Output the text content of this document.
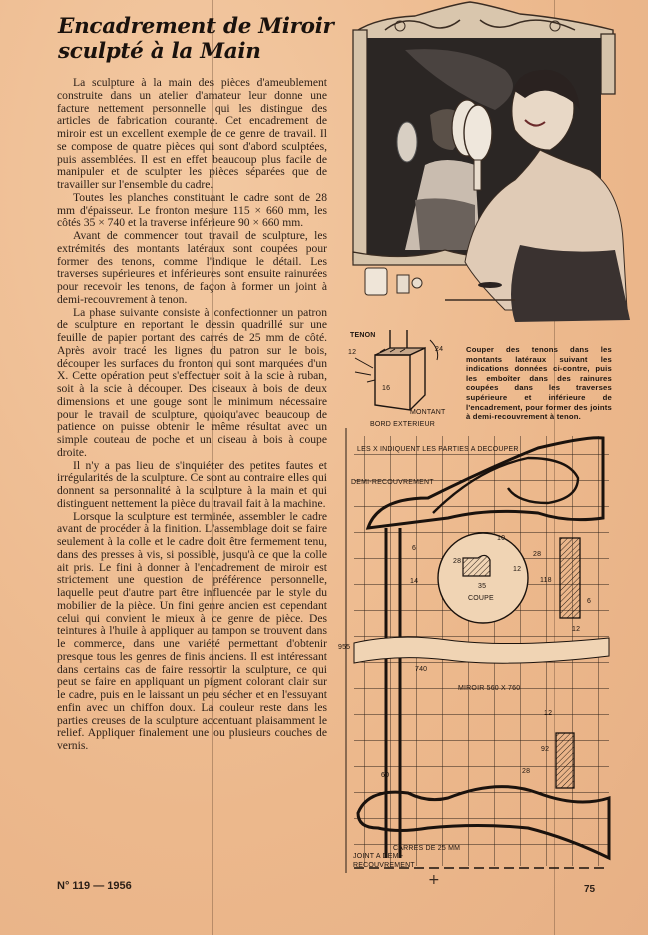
Encadrement de Miroir sculpté à la Main

La sculpture à la main des pièces d'ameublement construite dans un atelier d'amateur leur donne une facture nettement personnelle qui les distingue des articles de fabrication courante. Cet encadrement de miroir est un excellent exemple de ce genre de travail. Il se compose de quatre pièces qui sont d'abord sculptées, puis assemblées. Il est en effet beaucoup plus facile de manipuler et de sculpter les pièces séparées que de travailler sur l'ensemble du cadre.

Toutes les planches constituant le cadre sont de 28 mm d'épaisseur. Le fronton mesure 115 × 660 mm, les côtés 35 × 740 et la traverse inférieure 90 × 660 mm.

Avant de commencer tout travail de sculpture, les extrémités des montants latéraux sont coupées pour former des tenons, comme l'indique le détail. Les traverses supérieures et inférieures sont ensuite rainurées pour recevoir les tenons, de façon à former un joint à demi-recouvrement à tenon.

La phase suivante consiste à confectionner un patron de sculpture en reportant le dessin quadrillé sur une feuille de papier portant des carrés de 25 mm de côté. Après avoir tracé les lignes du patron sur le bois, découper les surfaces du fronton qui sont marquées d'un X. Cette opération peut s'effectuer soit à la scie à ruban, soit à la scie à découper. Des ciseaux à bois de deux dimensions et une gouge sont le minimum nécessaire pour le travail de sculpture, quoiqu'avec beaucoup de patience on puisse obtenir le même résultat avec un simple couteau de poche et un ciseau à bois à coupe droite.

Il n'y a pas lieu de s'inquiéter des petites fautes et irrégularités de la sculpture. Ce sont au contraire elles qui donnent sa personnalité à la sculpture à la main et qui distinguent nettement la pièce du travail fait à la machine.

Lorsque la sculpture est terminée, assembler le cadre avant de procéder à la finition. L'assemblage doit se faire seulement à la colle et le cadre doit être fermement tenu, dans des presses à vis, si possible, jusqu'à ce que la colle ait pris. Le fini à donner à l'encadrement de miroir est strictement une question de préférence personnelle, laquelle peut d'autre part être influencée par le style du mobilier de la pièce. Un fini genre ancien est cependant celui qui convient le mieux à ce genre de pièce. Des teintures à l'huile à appliquer au tampon se trouvent dans le commerce, dans une variété permettant d'obtenir presque tous les genres de finis anciens. Il est intéressant dans certains cas de faire ressortir la sculpture, ce qui peut se faire en appliquant un pigment colorant clair sur le cadre, puis en le laissant un peu sécher et en l'essuyant enfin avec un chiffon doux. La couleur reste dans les parties creuses de la sculpture accentuant plaisamment le relief. Appliquer finalement une ou plusieurs couches de vernis.

TENON
12	24
16
MONTANT
BORD EXTERIEUR
Couper des tenons dans les montants latéraux suivant les indications données ci-contre, puis les emboîter dans des rainures coupées dans les traverses supérieure et inférieure de l'encadrement, pour former des joints à demi-recouvrement à tenon.
LES X INDIQUENT LES PARTIES A DECOUPER
DEMI-RECOUVREMENT
COUPE
10
28
12
35
28
118
6
14
12
6
955
740
MIROIR 560 X 760
12
92
28
60
CARRES DE 25 MM
JOINT A DEMI-RECOUVREMENT
+
N° 119 — 1956	75
